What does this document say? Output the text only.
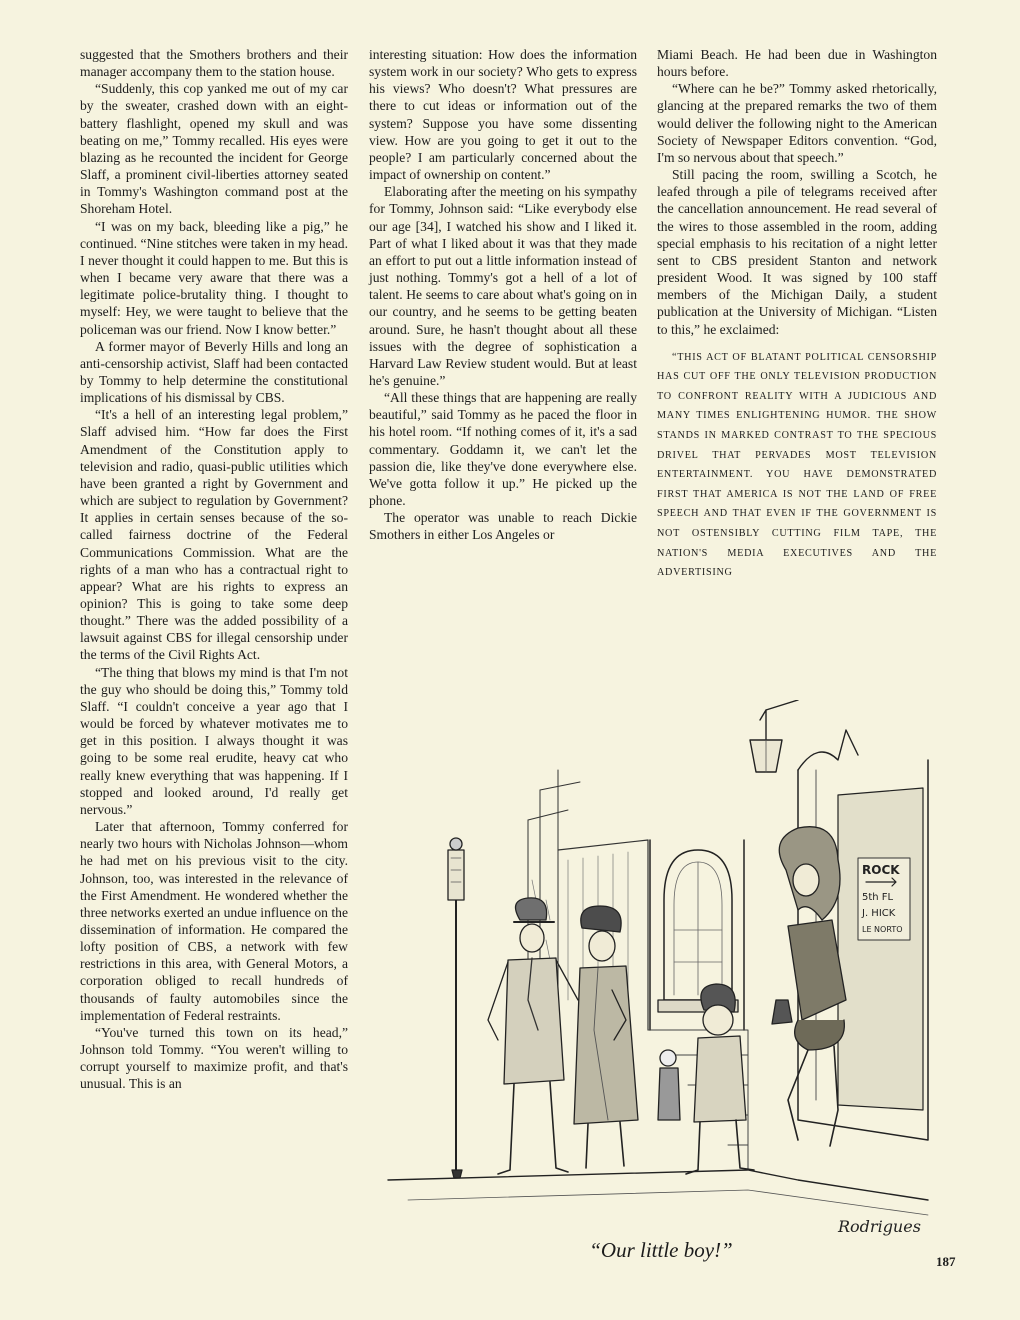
suggested that the Smothers brothers and their manager accompany them to the station house.

“Suddenly, this cop yanked me out of my car by the sweater, crashed down with an eight-battery flashlight, opened my skull and was beating on me,” Tommy recalled. His eyes were blazing as he recounted the incident for George Slaff, a prominent civil-liberties attorney seated in Tommy's Washington command post at the Shoreham Hotel.

“I was on my back, bleeding like a pig,” he continued. “Nine stitches were taken in my head. I never thought it could happen to me. But this is when I became very aware that there was a legitimate police-brutality thing. I thought to myself: Hey, we were taught to believe that the policeman was our friend. Now I know better.”

A former mayor of Beverly Hills and long an anti-censorship activist, Slaff had been contacted by Tommy to help determine the constitutional implications of his dismissal by CBS.

“It's a hell of an interesting legal problem,” Slaff advised him. “How far does the First Amendment of the Constitution apply to television and radio, quasi-public utilities which have been granted a right by Government and which are subject to regulation by Government? It applies in certain senses because of the so-called fairness doctrine of the Federal Communications Commission. What are the rights of a man who has a contractual right to appear? What are his rights to express an opinion? This is going to take some deep thought.” There was the added possibility of a lawsuit against CBS for illegal censorship under the terms of the Civil Rights Act.

“The thing that blows my mind is that I'm not the guy who should be doing this,” Tommy told Slaff. “I couldn't conceive a year ago that I would be forced by whatever motivates me to get in this position. I always thought it was going to be some real erudite, heavy cat who really knew everything that was happening. If I stopped and looked around, I'd really get nervous.”

Later that afternoon, Tommy conferred for nearly two hours with Nicholas Johnson—whom he had met on his previous visit to the city. Johnson, too, was interested in the relevance of the First Amendment. He wondered whether the three networks exerted an undue influence on the dissemination of information. He compared the lofty position of CBS, a network with few restrictions in this area, with General Motors, a corporation obliged to recall hundreds of thousands of faulty automobiles since the implementation of Federal restraints.

“You've turned this town on its head,” Johnson told Tommy. “You weren't willing to corrupt yourself to maximize profit, and that's unusual. This is an

interesting situation: How does the information system work in our society? Who gets to express his views? Who doesn't? What pressures are there to cut ideas or information out of the system? Suppose you have some dissenting view. How are you going to get it out to the people? I am particularly concerned about the impact of ownership on content.”

Elaborating after the meeting on his sympathy for Tommy, Johnson said: “Like everybody else our age [34], I watched his show and I liked it. Part of what I liked about it was that they made an effort to put out a little information instead of just nothing. Tommy's got a hell of a lot of talent. He seems to care about what's going on in our country, and he seems to be getting beaten around. Sure, he hasn't thought about all these issues with the degree of sophistication a Harvard Law Review student would. But at least he's genuine.”

“All these things that are happening are really beautiful,” said Tommy as he paced the floor in his hotel room. “If nothing comes of it, it's a sad commentary. Goddamn it, we can't let the passion die, like they've done everywhere else. We've gotta follow it up.” He picked up the phone.

The operator was unable to reach Dickie Smothers in either Los Angeles or

Miami Beach. He had been due in Washington hours before.

“Where can he be?” Tommy asked rhetorically, glancing at the prepared remarks the two of them would deliver the following night to the American Society of Newspaper Editors convention. “God, I'm so nervous about that speech.”

Still pacing the room, swilling a Scotch, he leafed through a pile of telegrams received after the cancellation announcement. He read several of the wires to those assembled in the room, adding special emphasis to his recitation of a night letter sent to CBS president Stanton and network president Wood. It was signed by 100 staff members of the Michigan Daily, a student publication at the University of Michigan. “Listen to this,” he exclaimed:

“THIS ACT OF BLATANT POLITICAL CENSORSHIP HAS CUT OFF THE ONLY TELEVISION PRODUCTION TO CONFRONT REALITY WITH A JUDICIOUS AND MANY TIMES ENLIGHTENING HUMOR. THE SHOW STANDS IN MARKED CONTRAST TO THE SPECIOUS DRIVEL THAT PERVADES MOST TELEVISION ENTERTAINMENT. YOU HAVE DEMONSTRATED FIRST THAT AMERICA IS NOT THE LAND OF FREE SPEECH AND THAT EVEN IF THE GOVERNMENT IS NOT OSTENSIBLY CUTTING FILM TAPE, THE NATION'S MEDIA EXECUTIVES AND THE ADVERTISING
ROCK
5th FL
J. HICK
LE NORTO
Rodrigues
“Our little boy!”	187
